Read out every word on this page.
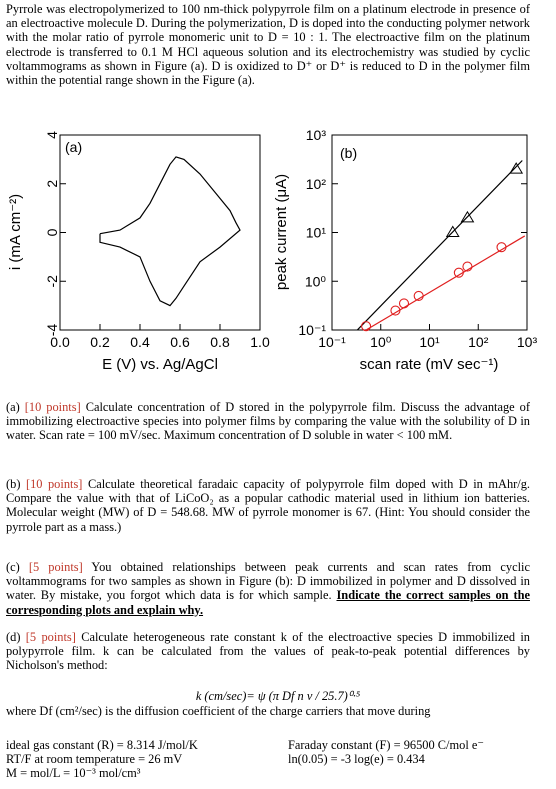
Pyrrole was electropolymerized to 100 nm-thick polypyrrole film on a platinum electrode in presence of an electroactive molecule D. During the polymerization, D is doped into the conducting polymer network with the molar ratio of pyrrole monomeric unit to D = 10 : 1. The electroactive film on the platinum electrode is transferred to 0.1 M HCl aqueous solution and its electrochemistry was studied by cyclic voltammograms as shown in Figure (a). D is oxidized to D⁺ or D⁺ is reduced to D in the polymer film within the potential range shown in the Figure (a).

(a)
4
2
0
-2
-4
0.0 0.2 0.4 0.6 0.8 1.0
i (mA cm⁻²)
E (V) vs. Ag/AgCl
(b)
10³
10²
10¹
10⁰
10⁻¹
10⁻¹ 10⁰ 10¹ 10² 10³
peak current (μA)
scan rate (mV sec⁻¹)

(a) [10 points] Calculate concentration of D stored in the polypyrrole film. Discuss the advantage of immobilizing electroactive species into polymer films by comparing the value with the solubility of D in water. Scan rate = 100 mV/sec. Maximum concentration of D soluble in water < 100 mM.

(b) [10 points] Calculate theoretical faradaic capacity of polypyrrole film doped with D in mAhr/g. Compare the value with that of LiCoO₂ as a popular cathodic material used in lithium ion batteries. Molecular weight (MW) of D = 548.68. MW of pyrrole monomer is 67. (Hint: You should consider the pyrrole part as a mass.)

(c) [5 points] You obtained relationships between peak currents and scan rates from cyclic voltammograms for two samples as shown in Figure (b): D immobilized in polymer and D dissolved in water. By mistake, you forgot which data is for which sample. Indicate the correct samples on the corresponding plots and explain why.

(d) [5 points] Calculate heterogeneous rate constant k of the electroactive species D immobilized in polypyrrole film. k can be calculated from the values of peak-to-peak potential differences by Nicholson's method:

k (cm/sec)= ψ (π Df n v / 25.7)⁰·⁵

where Df (cm²/sec) is the diffusion coefficient of the charge carriers that move during

ideal gas constant (R) = 8.314 J/mol/K
RT/F at room temperature = 26 mV
M = mol/L = 10⁻³ mol/cm³
Faraday constant (F) = 96500 C/mol e⁻
ln(0.05) = -3 log(e) = 0.434
